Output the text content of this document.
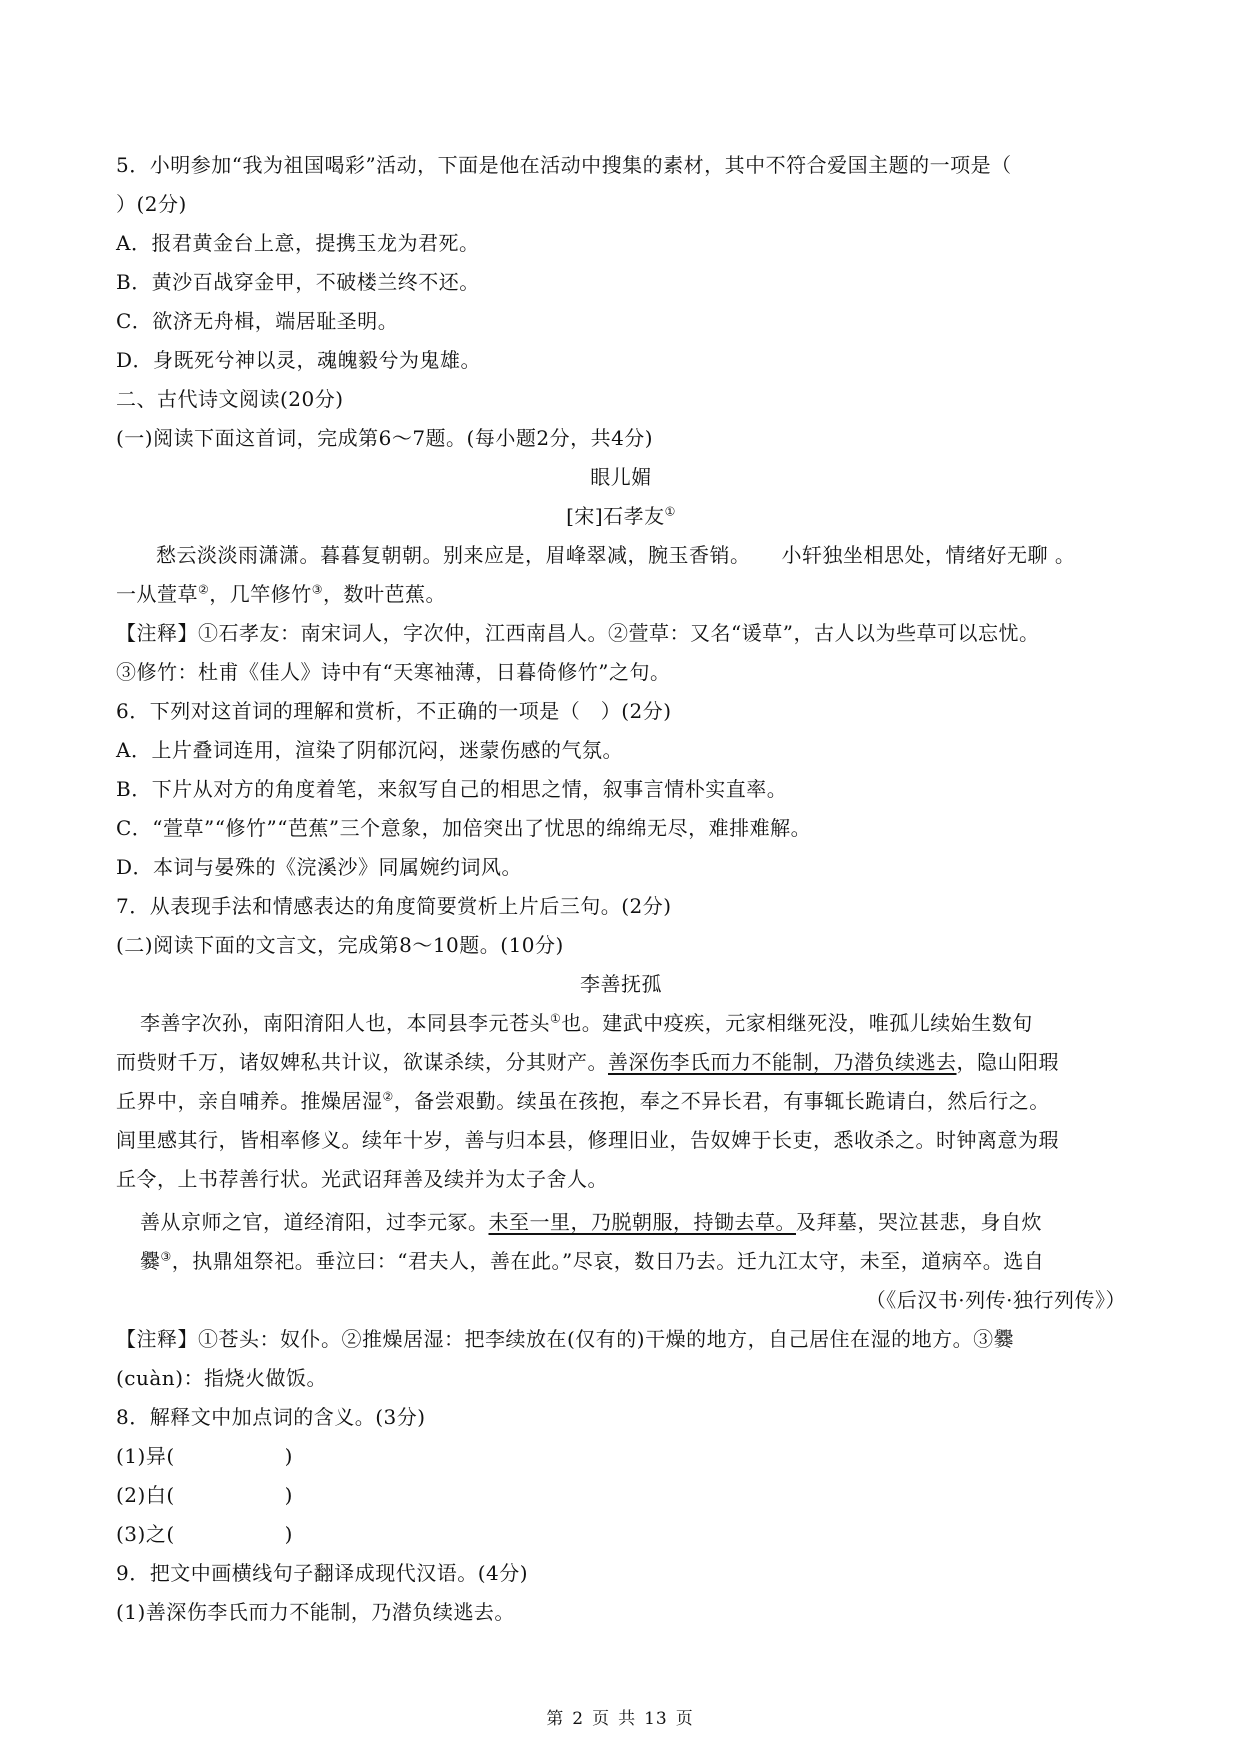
5．小明参加“我为祖国喝彩”活动，下面是他在活动中搜集的素材，其中不符合爱国主题的一项是（
）(2分)
A．报君黄金台上意，提携玉龙为君死。
B．黄沙百战穿金甲，不破楼兰终不还。
C．欲济无舟楫，端居耻圣明。
D．身既死兮神以灵，魂魄毅兮为鬼雄。
二、古代诗文阅读(20分)
(一)阅读下面这首词，完成第6～7题。(每小题2分，共4分)
眼儿媚
[宋]石孝友①
愁云淡淡雨潇潇。暮暮复朝朝。别来应是，眉峰翠减，腕玉香销。　　小轩独坐相思处，情绪好无聊 。
一从萱草②，几竿修竹③，数叶芭蕉。
【注释】①石孝友：南宋词人，字次仲，江西南昌人。②萱草：又名“谖草”，古人以为些草可以忘忧。
③修竹：杜甫《佳人》诗中有“天寒袖薄，日暮倚修竹”之句。
6．下列对这首词的理解和赏析，不正确的一项是（　）(2分)
A．上片叠词连用，渲染了阴郁沉闷，迷蒙伤感的气氛。
B．下片从对方的角度着笔，来叙写自己的相思之情，叙事言情朴实直率。
C．“萱草”“修竹”“芭蕉”三个意象，加倍突出了忧思的绵绵无尽，难排难解。
D．本词与晏殊的《浣溪沙》同属婉约词风。
7．从表现手法和情感表达的角度简要赏析上片后三句。(2分)
(二)阅读下面的文言文，完成第8～10题。(10分)
李善抚孤
李善字次孙，南阳淯阳人也，本同县李元苍头①也。建武中疫疾，元家相继死没，唯孤儿续始生数旬
而赀财千万，诸奴婢私共计议，欲谋杀续，分其财产。善深伤李氏而力不能制，乃潜负续逃去，隐山阳瑕
丘界中，亲自哺养。推燥居湿②，备尝艰勤。续虽在孩抱，奉之不异长君，有事辄长跪请白，然后行之。
闾里感其行，皆相率修义。续年十岁，善与归本县，修理旧业，告奴婢于长吏，悉收杀之。时钟离意为瑕
丘令，上书荐善行状。光武诏拜善及续并为太子舍人。
善从京师之官，道经淯阳，过李元冢。未至一里，乃脱朝服，持锄去草。及拜墓，哭泣甚悲，身自炊
爨③，执鼎俎祭祀。垂泣曰：“君夫人，善在此。”尽哀，数日乃去。迁九江太守，未至，道病卒。选自
（《后汉书·列传·独行列传》）
【注释】①苍头：奴仆。②推燥居湿：把李续放在(仅有的)干燥的地方，自己居住在湿的地方。③爨
(cuàn)：指烧火做饭。
8．解释文中加点词的含义。(3分)
(1)异(	)
(2)白(	)
(3)之(	)
9．把文中画横线句子翻译成现代汉语。(4分)
(1)善深伤李氏而力不能制，乃潜负续逃去。
第 2 页 共 13 页
